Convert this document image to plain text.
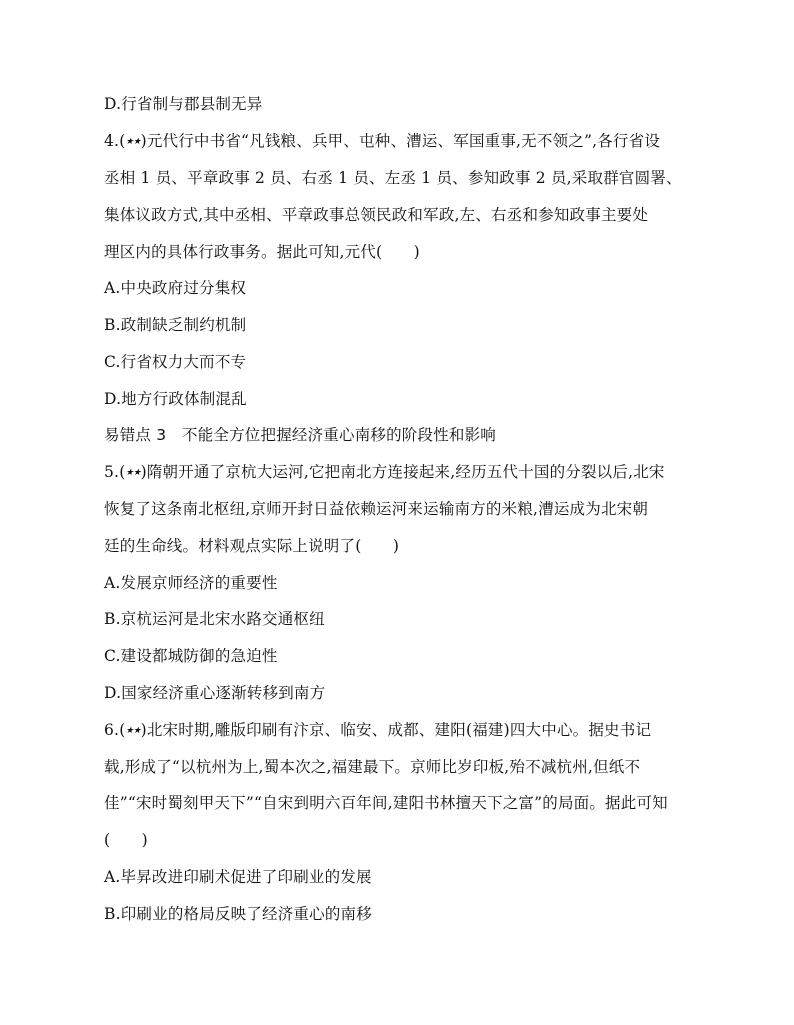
D.行省制与郡县制无异
4.(★★)元代行中书省“凡钱粮、兵甲、屯种、漕运、军国重事,无不领之”,各行省设
丞相 1 员、平章政事 2 员、右丞 1 员、左丞 1 员、参知政事 2 员,采取群官圆署、
集体议政方式,其中丞相、平章政事总领民政和军政,左、右丞和参知政事主要处
理区内的具体行政事务。据此可知,元代(　　)
A.中央政府过分集权
B.政制缺乏制约机制
C.行省权力大而不专
D.地方行政体制混乱
易错点 3　不能全方位把握经济重心南移的阶段性和影响
5.(★★)隋朝开通了京杭大运河,它把南北方连接起来,经历五代十国的分裂以后,北宋
恢复了这条南北枢纽,京师开封日益依赖运河来运输南方的米粮,漕运成为北宋朝
廷的生命线。材料观点实际上说明了(　　)
A.发展京师经济的重要性
B.京杭运河是北宋水路交通枢纽
C.建设都城防御的急迫性
D.国家经济重心逐渐转移到南方
6.(★★)北宋时期,雕版印刷有汴京、临安、成都、建阳(福建)四大中心。据史书记
载,形成了“以杭州为上,蜀本次之,福建最下。京师比岁印板,殆不减杭州,但纸不
佳”“宋时蜀刻甲天下”“自宋到明六百年间,建阳书林擅天下之富”的局面。据此可知
(　　)
A.毕昇改进印刷术促进了印刷业的发展
B.印刷业的格局反映了经济重心的南移
